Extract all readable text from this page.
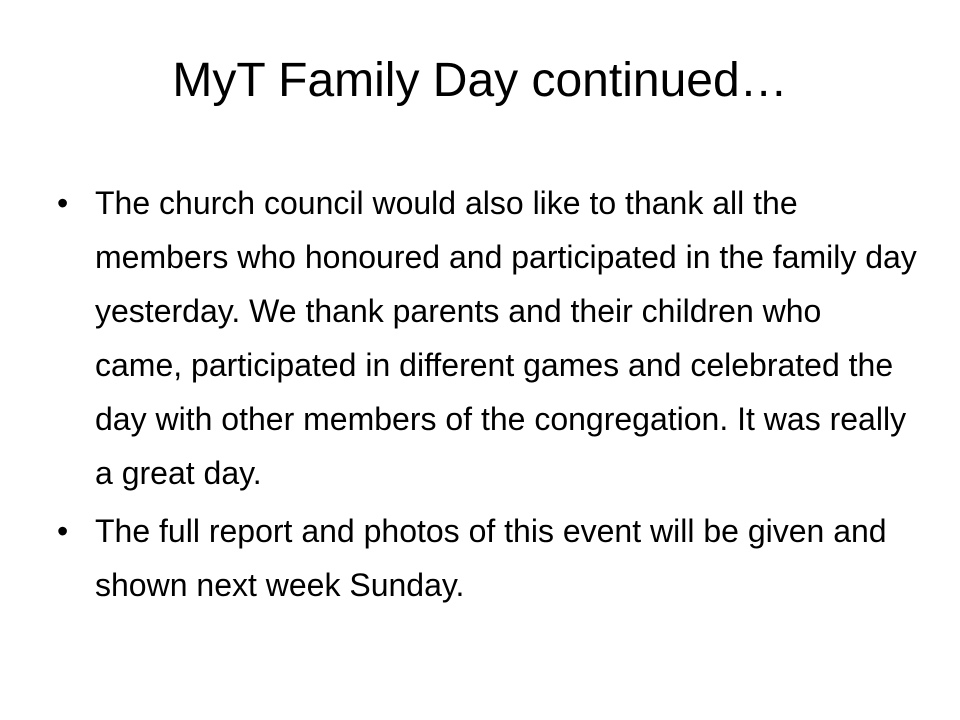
MyT Family Day continued…
• The church council would also like to thank all the members who honoured and participated in the family day yesterday. We thank parents and their children who came, participated in different games and celebrated the day with other members of the congregation. It was really a great day.
• The full report and photos of this event will be given and shown next week Sunday.
